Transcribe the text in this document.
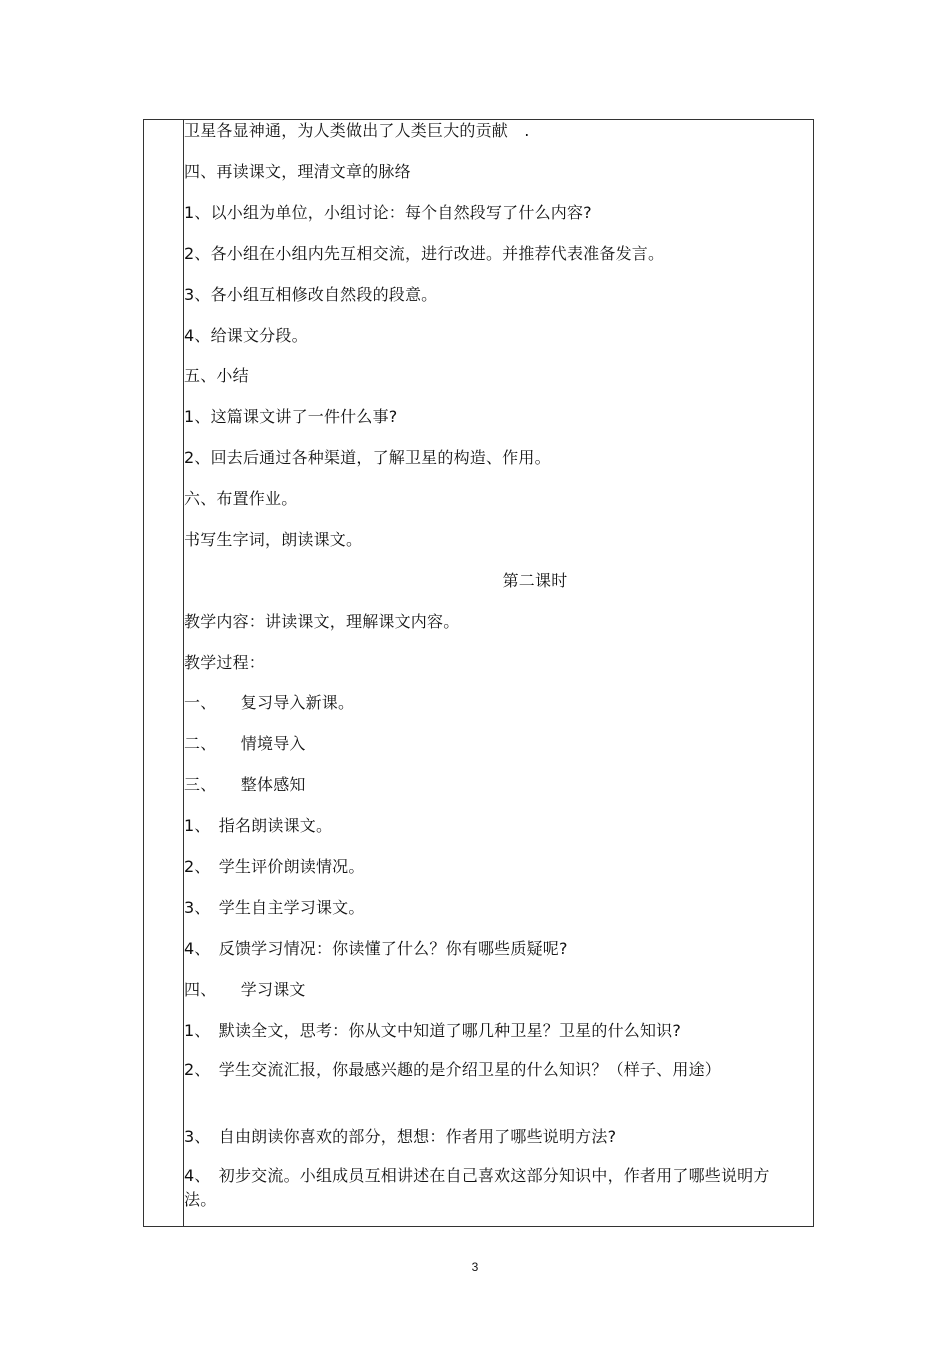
卫星各显神通，为人类做出了人类巨大的贡献　.
四、再读课文，理清文章的脉络
1、以小组为单位，小组讨论：每个自然段写了什么内容?
2、各小组在小组内先互相交流，进行改进。并推荐代表准备发言。
3、各小组互相修改自然段的段意。
4、给课文分段。
五、小结
1、这篇课文讲了一件什么事?
2、回去后通过各种渠道，了解卫星的构造、作用。
六、布置作业。
书写生字词，朗读课文。
第二课时
教学内容：讲读课文，理解课文内容。
教学过程：
一、　　复习导入新课。
二、　　情境导入
三、　　整体感知
1、　指名朗读课文。
2、　学生评价朗读情况。
3、　学生自主学习课文。
4、　反馈学习情况：你读懂了什么？你有哪些质疑呢?
四、　　学习课文
1、　默读全文，思考：你从文中知道了哪几种卫星？卫星的什么知识?
2、　学生交流汇报，你最感兴趣的是介绍卫星的什么知识？（样子、用途）
3、　自由朗读你喜欢的部分，想想：作者用了哪些说明方法?
4、　初步交流。小组成员互相讲述在自己喜欢这部分知识中，作者用了哪些说明方法。
3
